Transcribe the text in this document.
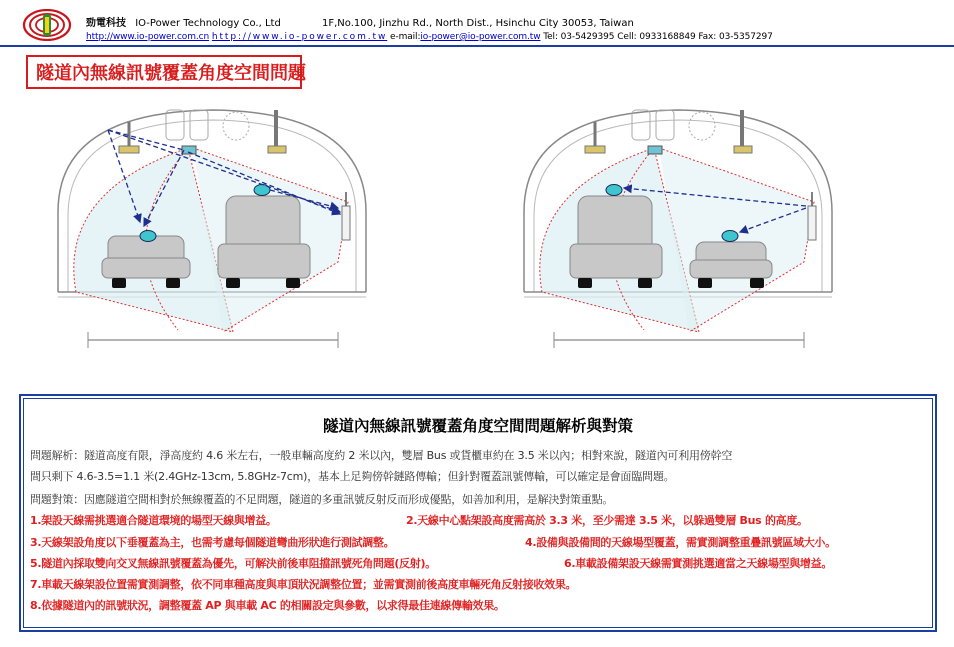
勁電科技 IO-Power Technology Co., Ltd	1F,No.100, Jinzhu Rd., North Dist., Hsinchu City 30053, Taiwan
http://www.io-power.com.cn http://www.io-power.com.tw e-mail:io-power@io-power.com.tw Tel: 03-5429395 Cell: 0933168849 Fax: 03-5357297
隧道內無線訊號覆蓋角度空間問題
隧道內無線訊號覆蓋角度空間問題解析與對策
問題解析：隧道高度有限，淨高度約 4.6 米左右，一般車輛高度約 2 米以內，雙層 Bus 或貨櫃車約在 3.5 米以內；相對來說，隧道內可利用傍幹空
間只剩下 4.6-3.5=1.1 米(2.4GHz-13cm, 5.8GHz-7cm)，基本上足夠傍幹鏈路傳輸；但針對覆蓋訊號傳輸，可以確定是會面臨問題。
問題對策：因應隧道空間相對於無線覆蓋的不足問題，隧道的多重訊號反射反而形成優點，如善加利用，是解決對策重點。
1.架設天線需挑選適合隧道環境的場型天線與增益。	2.天線中心點架設高度需高於 3.3 米，至少需達 3.5 米，以躲過雙層 Bus 的高度。
3.天線架設角度以下垂覆蓋為主，也需考慮每個隧道彎曲形狀進行測試調整。	4.設備與設備間的天線場型覆蓋，需實測調整重疊訊號區域大小。
5.隧道內採取雙向交叉無線訊號覆蓋為優先，可解決前後車阻擋訊號死角問題(反射)。	6.車載設備架設天線需實測挑選適當之天線場型與增益。
7.車載天線架設位置需實測調整，依不同車種高度與車頂狀況調整位置；並需實測前後高度車輛死角反射接收效果。
8.依據隧道內的訊號狀況，調整覆蓋 AP 與車載 AC 的相關設定與參數，以求得最佳連線傳輸效果。
